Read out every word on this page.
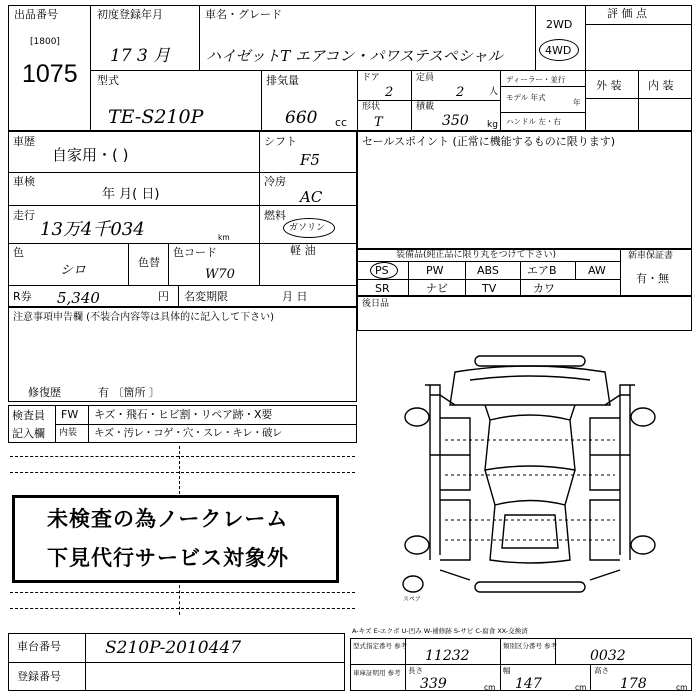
出品番号
[1800]
1075
初度登録年月
17 3 月
車名・グレード
ハイゼットT エアコン・パワステスペシャル
2WD
4WD
評 価 点
型式
TE-S210P
排気量
660 cc
ドア
2
定員
2	人
形状
T
積載
350 kg
ディーラー・並行
モデル 年式
年
ハンドル 左・右
外 装 内 装
車歴
自家用・( )
シフト
F5
車検
年 月( 日)
冷房
AC
走行
13万4千034	km
燃料
ガソリン
軽 油
色
シロ
色替
色コード
W70
R券 5,340	円 名変期限	月 日
注意事項申告欄 (不装合内容等は具体的に記入して下さい)
修復歴	有 〔箇所 〕
セールスポイント (正常に機能するものに限ります)
装備品(純正品に限り丸をつけて下さい)	新車保証書
有・無
PS	PW	ABS	エアB	AW
SR	ナビ	TV	カワ
後日品
検査員
記入欄
FW キズ・飛石・ヒビ割・リペア跡・X要
内装 キズ・汚レ・コゲ・穴・スレ・キレ・破レ
未検査の為ノークレーム
下見代行サービス対象外
スペア
A-キズ E-エクボ U-凹み W-補修跡 S-サビ C-腐食 XX-交換済
車台番号	S210P-2010447
登録番号
型式指定番号 参考
11232
類別区分番号 参考
0032
車庫証明用 参考 長さ
339	cm
幅
147	cm
高さ
178	cm
